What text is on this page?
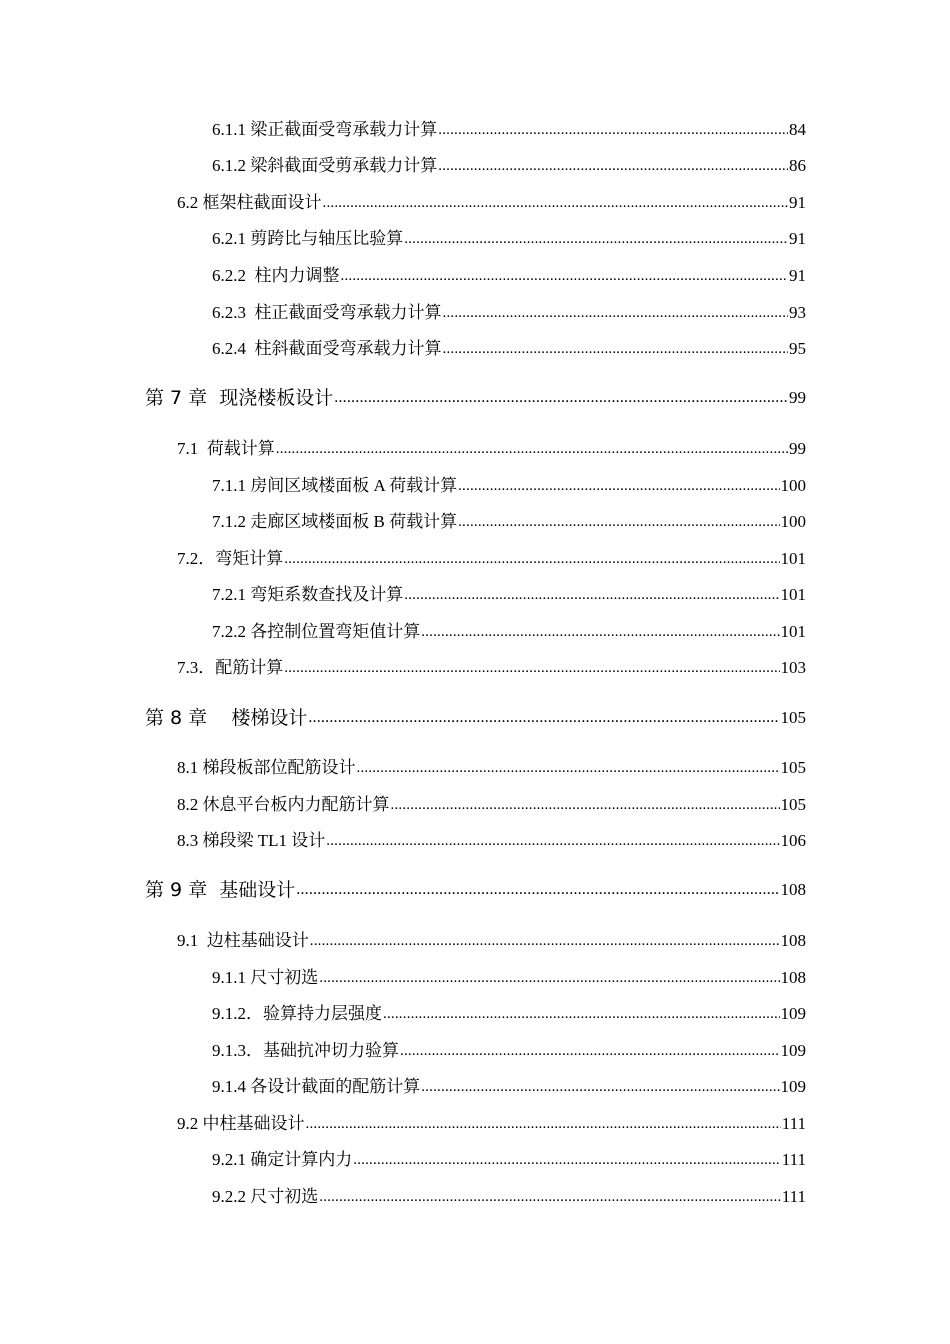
6.1.1 梁正截面受弯承载力计算 .....	84
6.1.2 梁斜截面受剪承载力计算 .....	86
6.2 框架柱截面设计 .....	91
6.2.1 剪跨比与轴压比验算 .....	91
6.2.2  柱内力调整 .....	91
6.2.3  柱正截面受弯承载力计算 .....	93
6.2.4  柱斜截面受弯承载力计算 .....	95
第 7 章  现浇楼板设计 .....	99
7.1  荷载计算 .....	99
7.1.1 房间区域楼面板 A 荷载计算 .....	100
7.1.2 走廊区域楼面板 B 荷载计算 .....	100
7.2．弯矩计算 .....	101
7.2.1 弯矩系数查找及计算 .....	101
7.2.2 各控制位置弯矩值计算 .....	101
7.3．配筋计算 .....	103
第 8 章    楼梯设计 .....	105
8.1 梯段板部位配筋设计 .....	105
8.2 休息平台板内力配筋计算 .....	105
8.3 梯段梁 TL1 设计 .....	106
第 9 章  基础设计 .....	108
9.1  边柱基础设计 .....	108
9.1.1 尺寸初选 .....	108
9.1.2．验算持力层强度 .....	109
9.1.3．基础抗冲切力验算 .....	109
9.1.4 各设计截面的配筋计算 .....	109
9.2 中柱基础设计 .....	111
9.2.1 确定计算内力 .....	111
9.2.2 尺寸初选 .....	111
